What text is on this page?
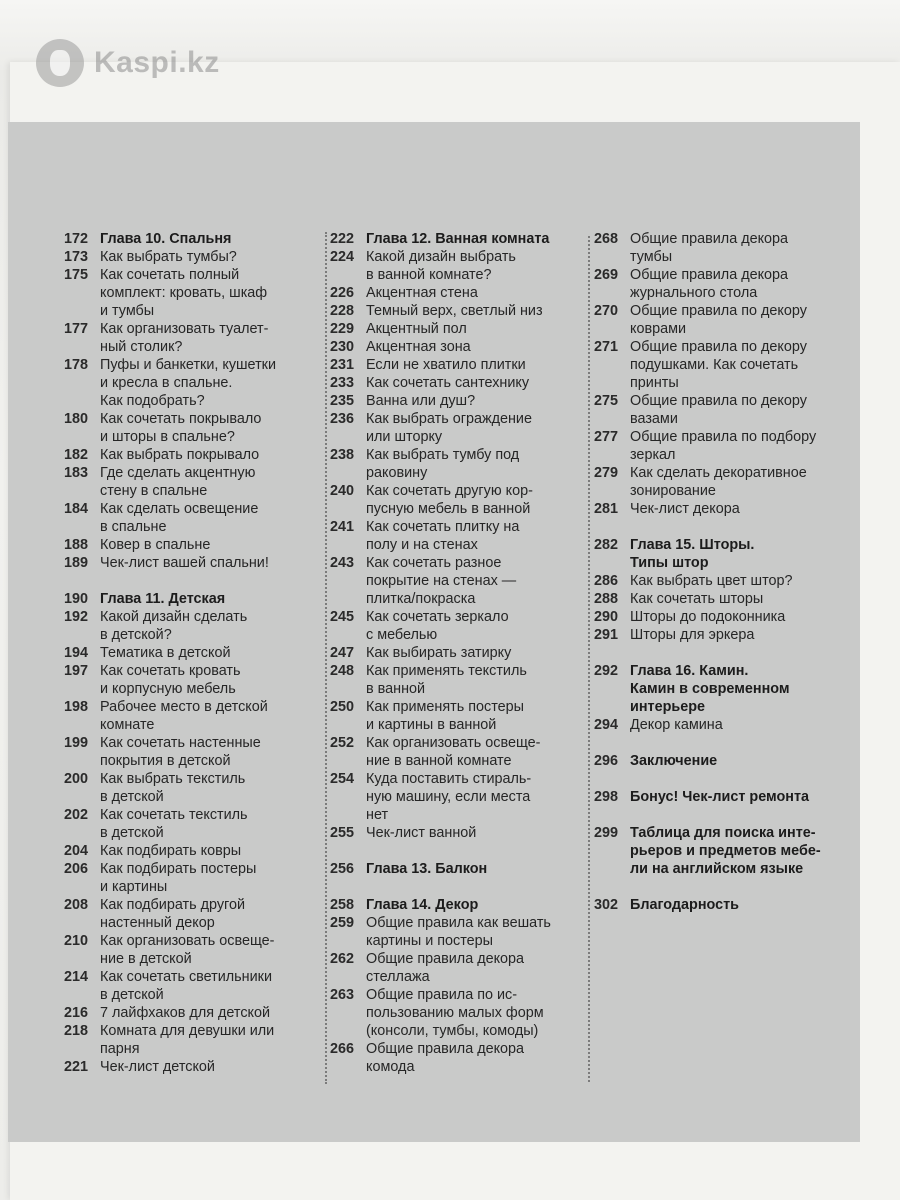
Kaspi.kz
172 Глава 10. Спальня
173 Как выбрать тумбы?
175 Как сочетать полный
комплект: кровать, шкаф
и тумбы
177 Как организовать туалет-
ный столик?
178 Пуфы и банкетки, кушетки
и кресла в спальне.
Как подобрать?
180 Как сочетать покрывало
и шторы в спальне?
182 Как выбрать покрывало
183 Где сделать акцентную
стену в спальне
184 Как сделать освещение
в спальне
188 Ковер в спальне
189 Чек-лист вашей спальни!
190 Глава 11. Детская
192 Какой дизайн сделать
в детской?
194 Тематика в детской
197 Как сочетать кровать
и корпусную мебель
198 Рабочее место в детской
комнате
199 Как сочетать настенные
покрытия в детской
200 Как выбрать текстиль
в детской
202 Как сочетать текстиль
в детской
204 Как подбирать ковры
206 Как подбирать постеры
и картины
208 Как подбирать другой
настенный декор
210 Как организовать освеще-
ние в детской
214 Как сочетать светильники
в детской
216 7 лайфхаков для детской
218 Комната для девушки или
парня
221 Чек-лист детской
222 Глава 12. Ванная комната
224 Какой дизайн выбрать
в ванной комнате?
226 Акцентная стена
228 Темный верх, светлый низ
229 Акцентный пол
230 Акцентная зона
231 Если не хватило плитки
233 Как сочетать сантехнику
235 Ванна или душ?
236 Как выбрать ограждение
или шторку
238 Как выбрать тумбу под
раковину
240 Как сочетать другую кор-
пусную мебель в ванной
241 Как сочетать плитку на
полу и на стенах
243 Как сочетать разное
покрытие на стенах —
плитка/покраска
245 Как сочетать зеркало
с мебелью
247 Как выбирать затирку
248 Как применять текстиль
в ванной
250 Как применять постеры
и картины в ванной
252 Как организовать освеще-
ние в ванной комнате
254 Куда поставить стираль-
ную машину, если места
нет
255 Чек-лист ванной
256 Глава 13. Балкон
258 Глава 14. Декор
259 Общие правила как вешать
картины и постеры
262 Общие правила декора
стеллажа
263 Общие правила по ис-
пользованию малых форм
(консоли, тумбы, комоды)
266 Общие правила декора
комода
268 Общие правила декора
тумбы
269 Общие правила декора
журнального стола
270 Общие правила по декору
коврами
271 Общие правила по декору
подушками. Как сочетать
принты
275 Общие правила по декору
вазами
277 Общие правила по подбору
зеркал
279 Как сделать декоративное
зонирование
281 Чек-лист декора
282 Глава 15. Шторы.
Типы штор
286 Как выбрать цвет штор?
288 Как сочетать шторы
290 Шторы до подоконника
291 Шторы для эркера
292 Глава 16. Камин.
Камин в современном
интерьере
294 Декор камина
296 Заключение
298 Бонус! Чек-лист ремонта
299 Таблица для поиска инте-
рьеров и предметов мебе-
ли на английском языке
302 Благодарность
